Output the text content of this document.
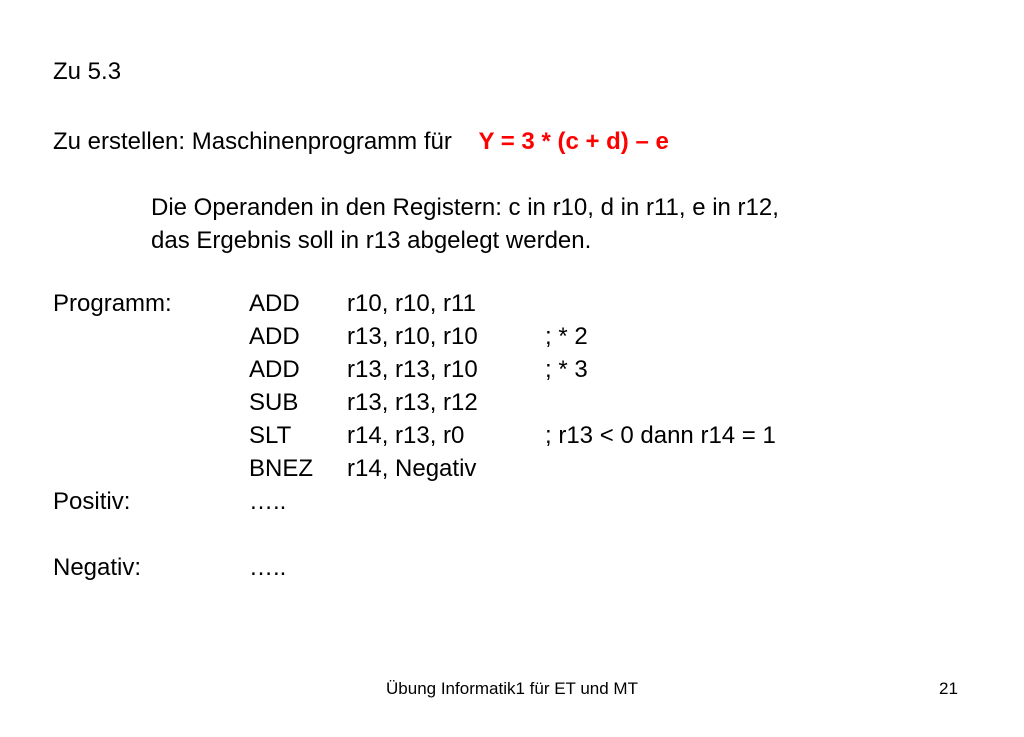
Zu 5.3
Zu erstellen: Maschinenprogramm für Y = 3 * (c + d) – e
Die Operanden in den Registern: c in r10, d in r11, e in r12,
das Ergebnis soll in r13 abgelegt werden.
Programm:	ADD r10, r10, r11
ADD r13, r10, r10	; * 2
ADD r13, r13, r10	; * 3
SUB r13, r13, r12
SLT r14, r13, r0	; r13 < 0 dann r14 = 1
BNEZ r14, Negativ
Positiv:	…..
Negativ:	…..
Übung Informatik1 für ET und MT	21
